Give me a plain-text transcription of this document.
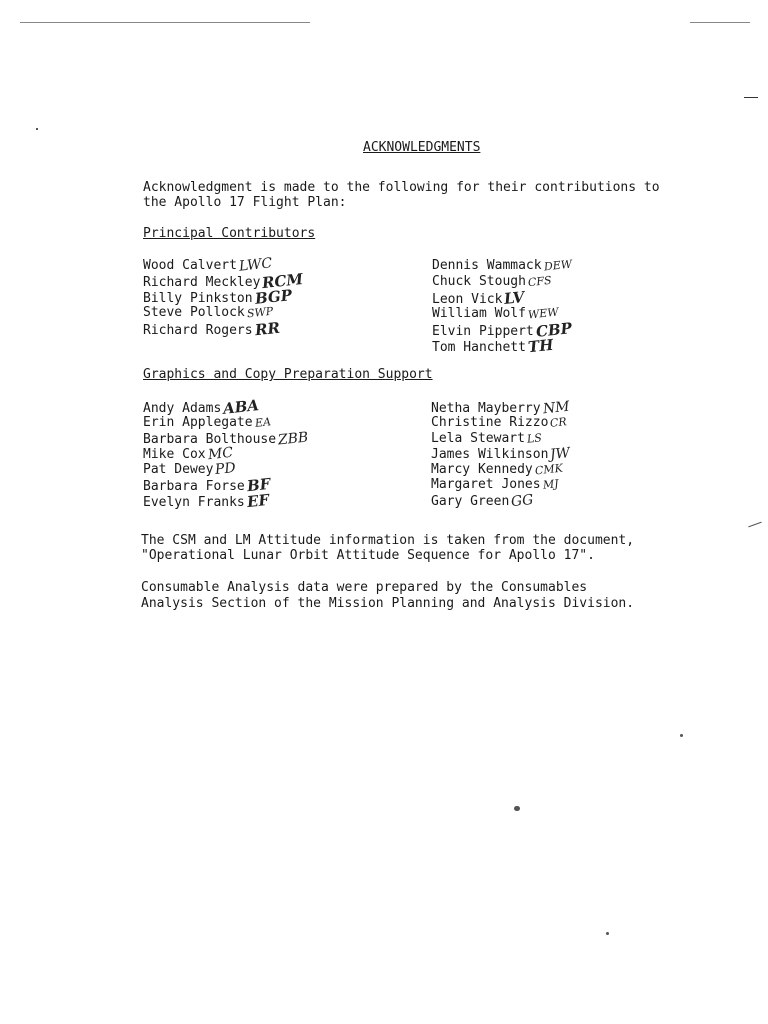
ACKNOWLEDGMENTS
Acknowledgment is made to the following for their contributions to
the Apollo 17 Flight Plan:
Principal Contributors
Wood CalvertLWC
Richard MeckleyRCM
Billy PinkstonBGP
Steve PollockSWP
Richard RogersRR
Dennis WammackDEW
Chuck StoughCFS
Leon VickLV
William WolfWEW
Elvin PippertCBP
Tom HanchettTH
Graphics and Copy Preparation Support
Andy AdamsABA
Erin ApplegateEA
Barbara BolthouseZBB
Mike CoxMC
Pat DeweyPD
Barbara ForseBF
Evelyn FranksEF
Netha MayberryNM
Christine RizzoCR
Lela StewartLS
James WilkinsonJW
Marcy KennedyCMK
Margaret JonesMJ
Gary GreenGG
The CSM and LM Attitude information is taken from the document,
"Operational Lunar Orbit Attitude Sequence for Apollo 17".
Consumable Analysis data were prepared by the Consumables
Analysis Section of the Mission Planning and Analysis Division.
